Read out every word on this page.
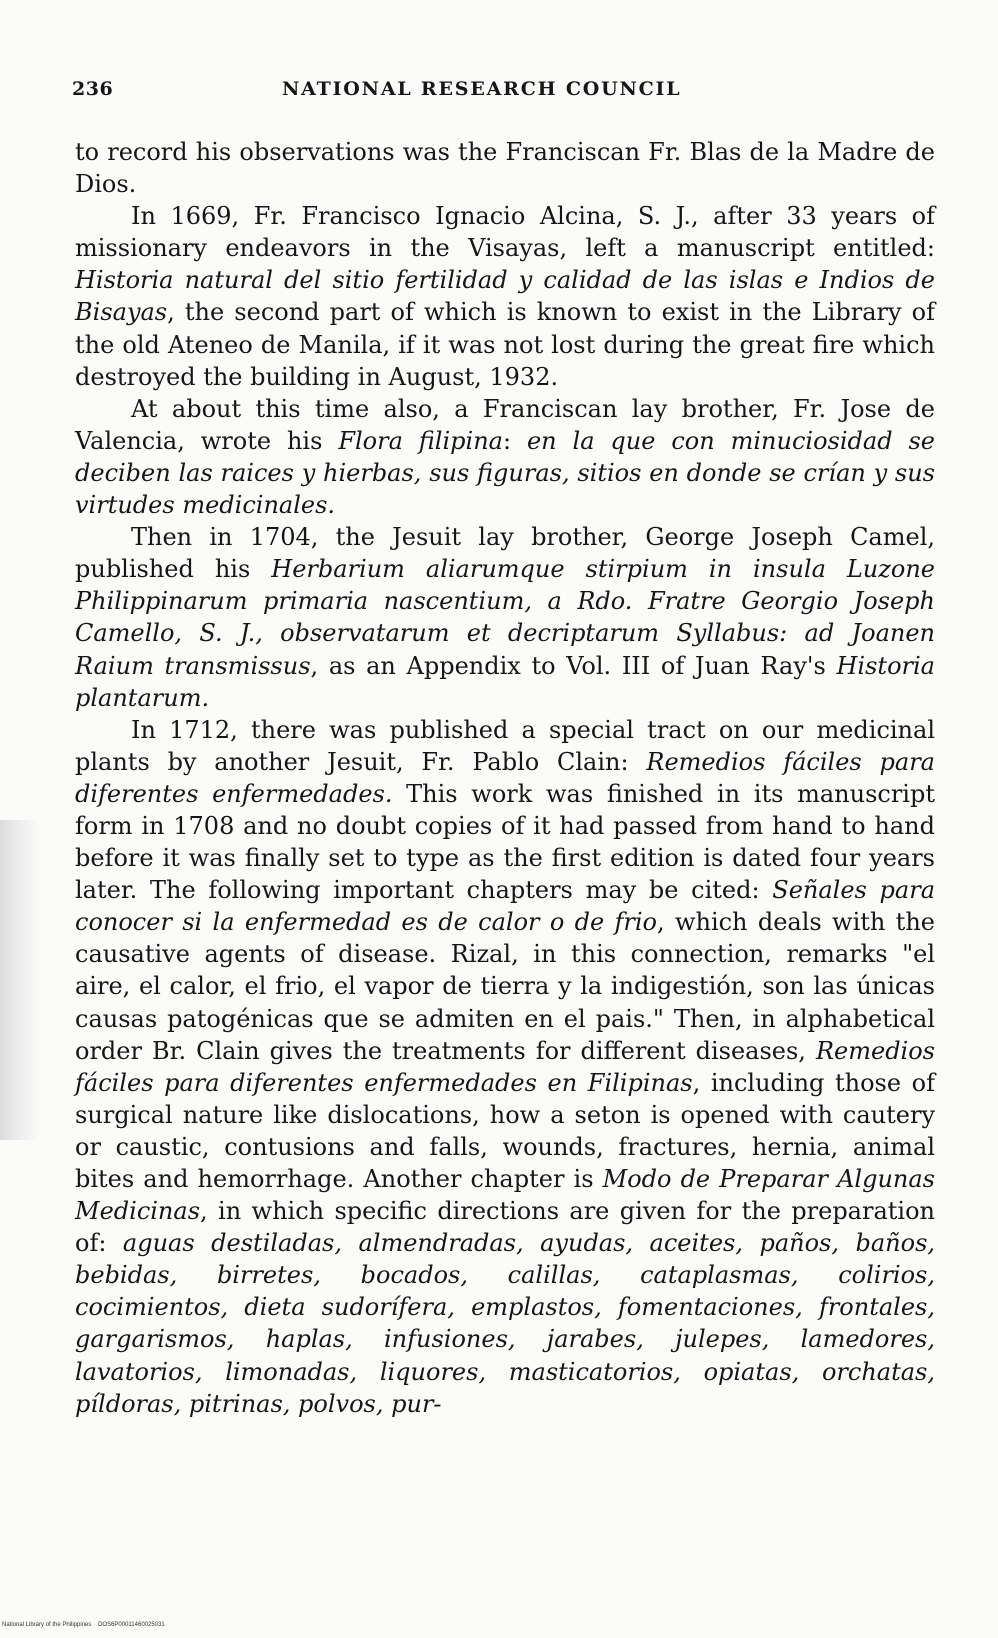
236	NATIONAL RESEARCH COUNCIL

to record his observations was the Franciscan Fr. Blas de la Madre de Dios.

In 1669, Fr. Francisco Ignacio Alcina, S. J., after 33 years of missionary endeavors in the Visayas, left a manuscript entitled: Historia natural del sitio fertilidad y calidad de las islas e Indios de Bisayas, the second part of which is known to exist in the Library of the old Ateneo de Manila, if it was not lost during the great fire which destroyed the building in August, 1932.

At about this time also, a Franciscan lay brother, Fr. Jose de Valencia, wrote his Flora filipina: en la que con minuciosidad se deciben las raices y hierbas, sus figuras, sitios en donde se crían y sus virtudes medicinales.

Then in 1704, the Jesuit lay brother, George Joseph Camel, published his Herbarium aliarumque stirpium in insula Luzone Philippinarum primaria nascentium, a Rdo. Fratre Georgio Joseph Camello, S. J., observatarum et decriptarum Syllabus: ad Joanen Raium transmissus, as an Appendix to Vol. III of Juan Ray's Historia plantarum.

In 1712, there was published a special tract on our medicinal plants by another Jesuit, Fr. Pablo Clain: Remedios fáciles para diferentes enfermedades. This work was finished in its manuscript form in 1708 and no doubt copies of it had passed from hand to hand before it was finally set to type as the first edition is dated four years later. The following important chapters may be cited: Señales para conocer si la enfermedad es de calor o de frio, which deals with the causative agents of disease. Rizal, in this connection, remarks "el aire, el calor, el frio, el vapor de tierra y la indigestión, son las únicas causas patogénicas que se admiten en el pais." Then, in alphabetical order Br. Clain gives the treatments for different diseases, Remedios fáciles para diferentes enfermedades en Filipinas, including those of surgical nature like dislocations, how a seton is opened with cautery or caustic, contusions and falls, wounds, fractures, hernia, animal bites and hemorrhage. Another chapter is Modo de Preparar Algunas Medicinas, in which specific directions are given for the preparation of: aguas destiladas, almendradas, ayudas, aceites, paños, baños, bebidas, birretes, bocados, calillas, cataplasmas, colirios, cocimientos, dieta sudorífera, emplastos, fomentaciones, frontales, gargarismos, haplas, infusiones, jarabes, julepes, lamedores, lavatorios, limonadas, liquores, masticatorios, opiatas, orchatas, píldoras, pitrinas, polvos, pur-

National Library of the Philippines DOS6P00011460025031
